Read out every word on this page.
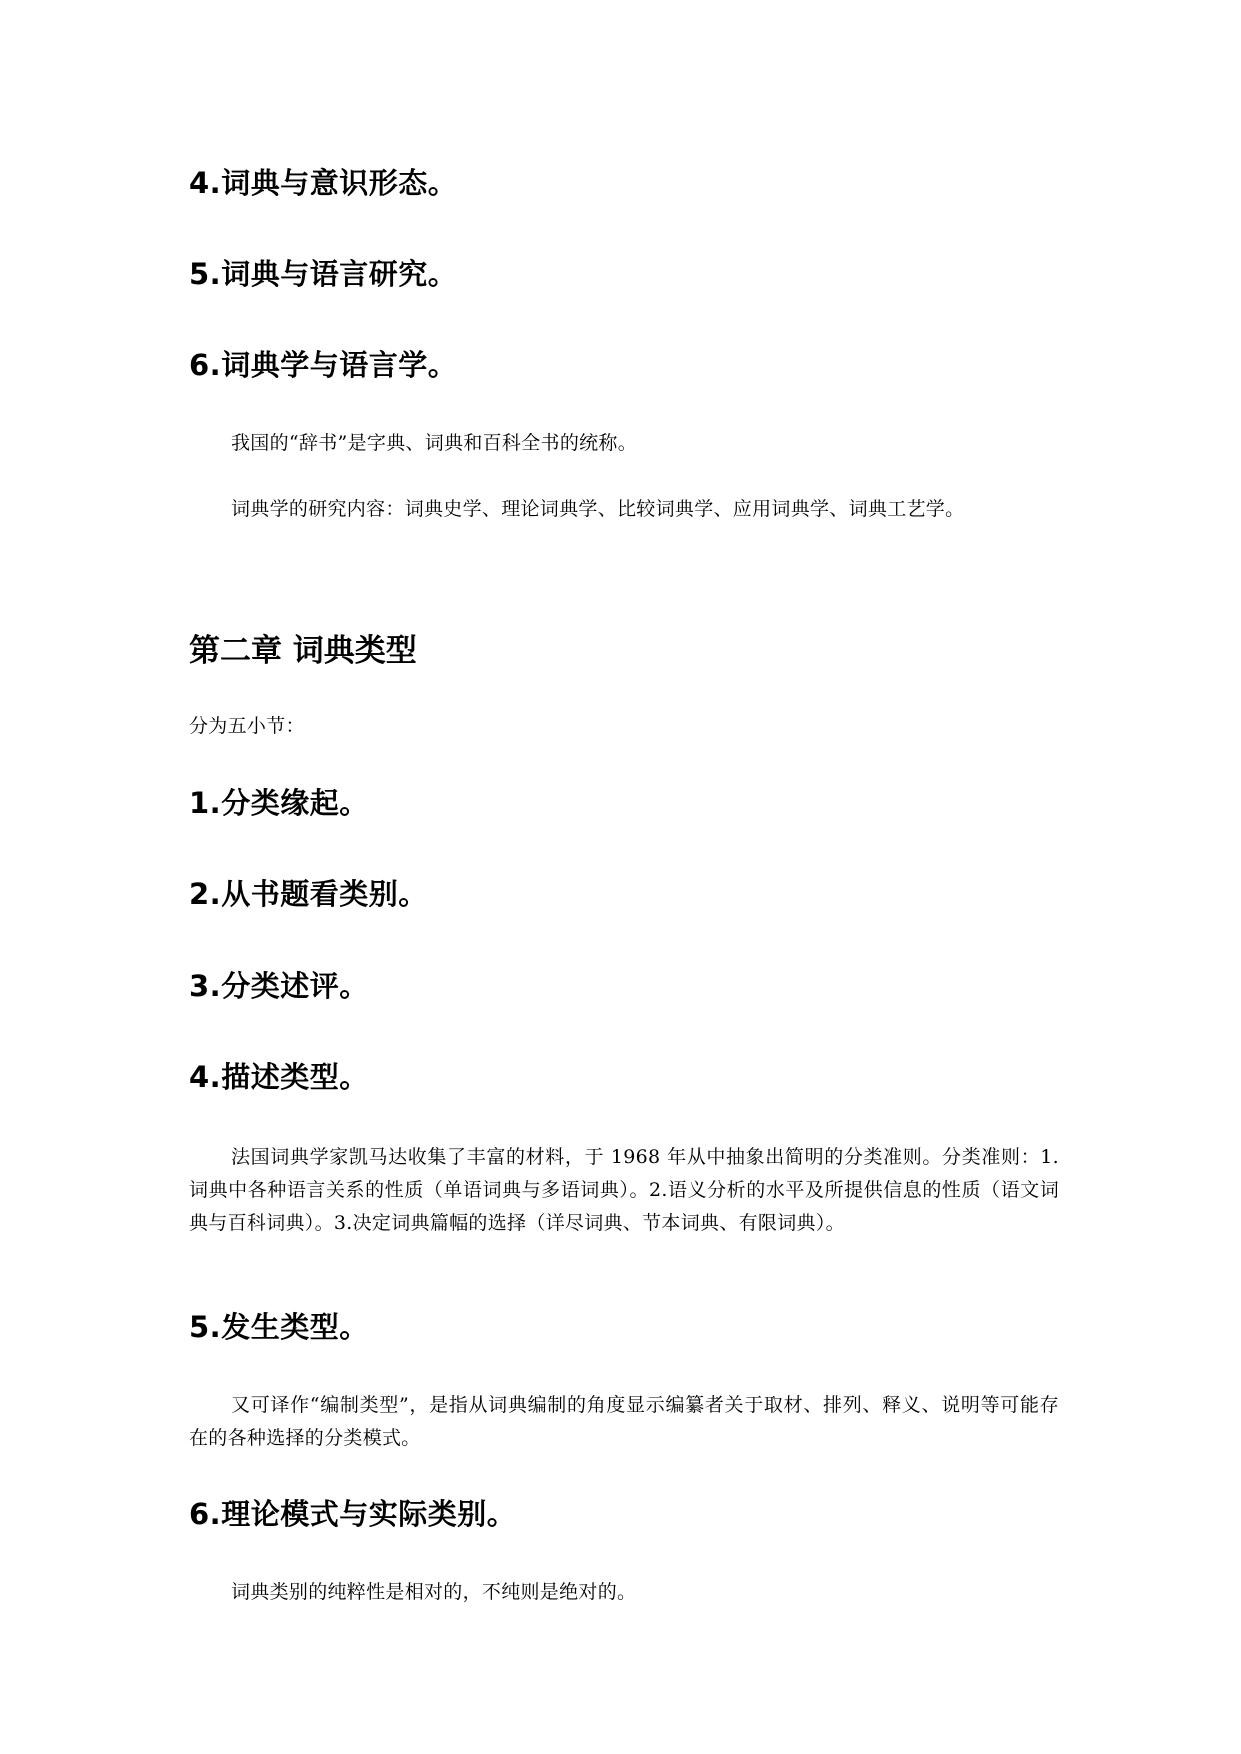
4.词典与意识形态。
5.词典与语言研究。
6.词典学与语言学。

我国的“辞书”是字典、词典和百科全书的统称。

词典学的研究内容：词典史学、理论词典学、比较词典学、应用词典学、词典工艺学。

第二章 词典类型

分为五小节：

1.分类缘起。
2.从书题看类别。
3.分类述评。
4.描述类型。

法国词典学家凯马达收集了丰富的材料，于 1968 年从中抽象出简明的分类准则。分类准则：1.词典中各种语言关系的性质（单语词典与多语词典）。2.语义分析的水平及所提供信息的性质（语文词典与百科词典）。3.决定词典篇幅的选择（详尽词典、节本词典、有限词典）。

5.发生类型。

又可译作“编制类型”，是指从词典编制的角度显示编纂者关于取材、排列、释义、说明等可能存在的各种选择的分类模式。

6.理论模式与实际类别。

词典类别的纯粹性是相对的，不纯则是绝对的。
